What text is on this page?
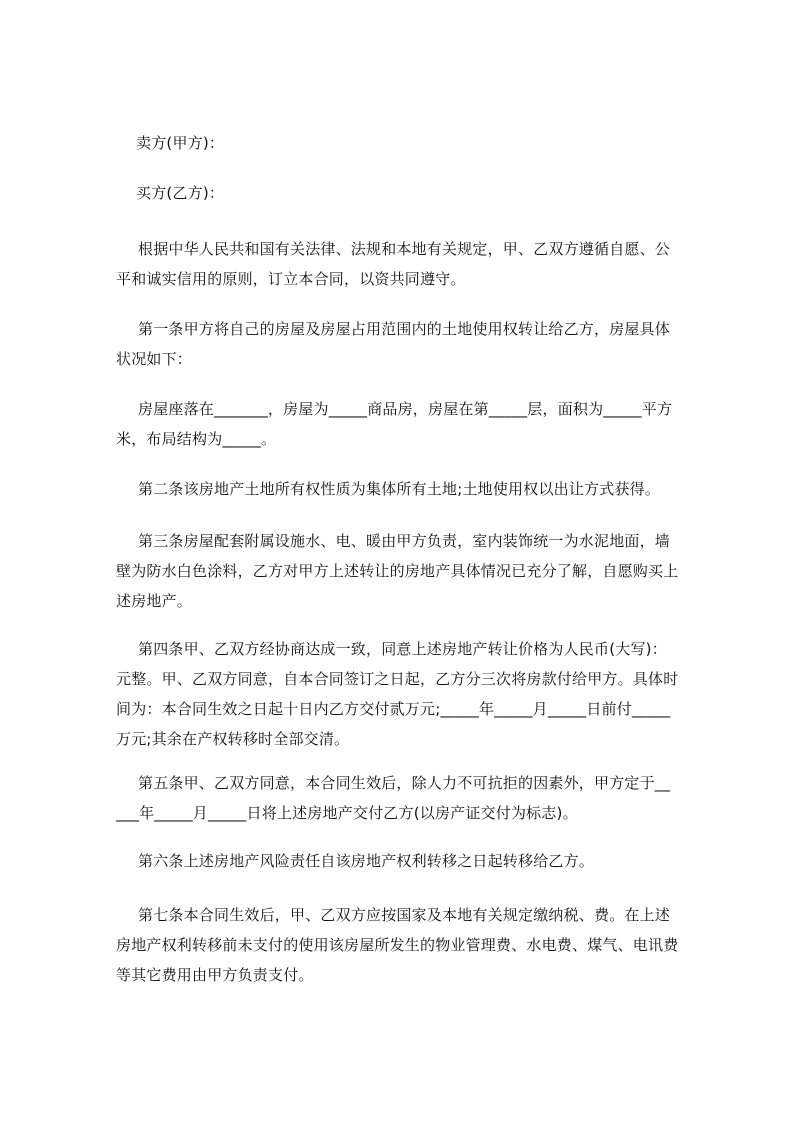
卖方(甲方)：

买方(乙方)：

根据中华人民共和国有关法律、法规和本地有关规定，甲、乙双方遵循自愿、公
平和诚实信用的原则，订立本合同，以资共同遵守。

第一条甲方将自己的房屋及房屋占用范围内的土地使用权转让给乙方，房屋具体
状况如下：

房屋座落在_______，房屋为_____商品房，房屋在第_____层，面积为_____平方
米，布局结构为_____。

第二条该房地产土地所有权性质为集体所有土地;土地使用权以出让方式获得。

第三条房屋配套附属设施水、电、暖由甲方负责，室内装饰统一为水泥地面，墙
壁为防水白色涂料，乙方对甲方上述转让的房地产具体情况已充分了解，自愿购买上
述房地产。

第四条甲、乙双方经协商达成一致，同意上述房地产转让价格为人民币(大写)：
元整。甲、乙双方同意，自本合同签订之日起，乙方分三次将房款付给甲方。具体时
间为：本合同生效之日起十日内乙方交付贰万元;_____年_____月_____日前付_____
万元;其余在产权转移时全部交清。

第五条甲、乙双方同意，本合同生效后，除人力不可抗拒的因素外，甲方定于__
___年_____月_____日将上述房地产交付乙方(以房产证交付为标志)。

第六条上述房地产风险责任自该房地产权利转移之日起转移给乙方。

第七条本合同生效后，甲、乙双方应按国家及本地有关规定缴纳税、费。在上述
房地产权利转移前未支付的使用该房屋所发生的物业管理费、水电费、煤气、电讯费
等其它费用由甲方负责支付。
